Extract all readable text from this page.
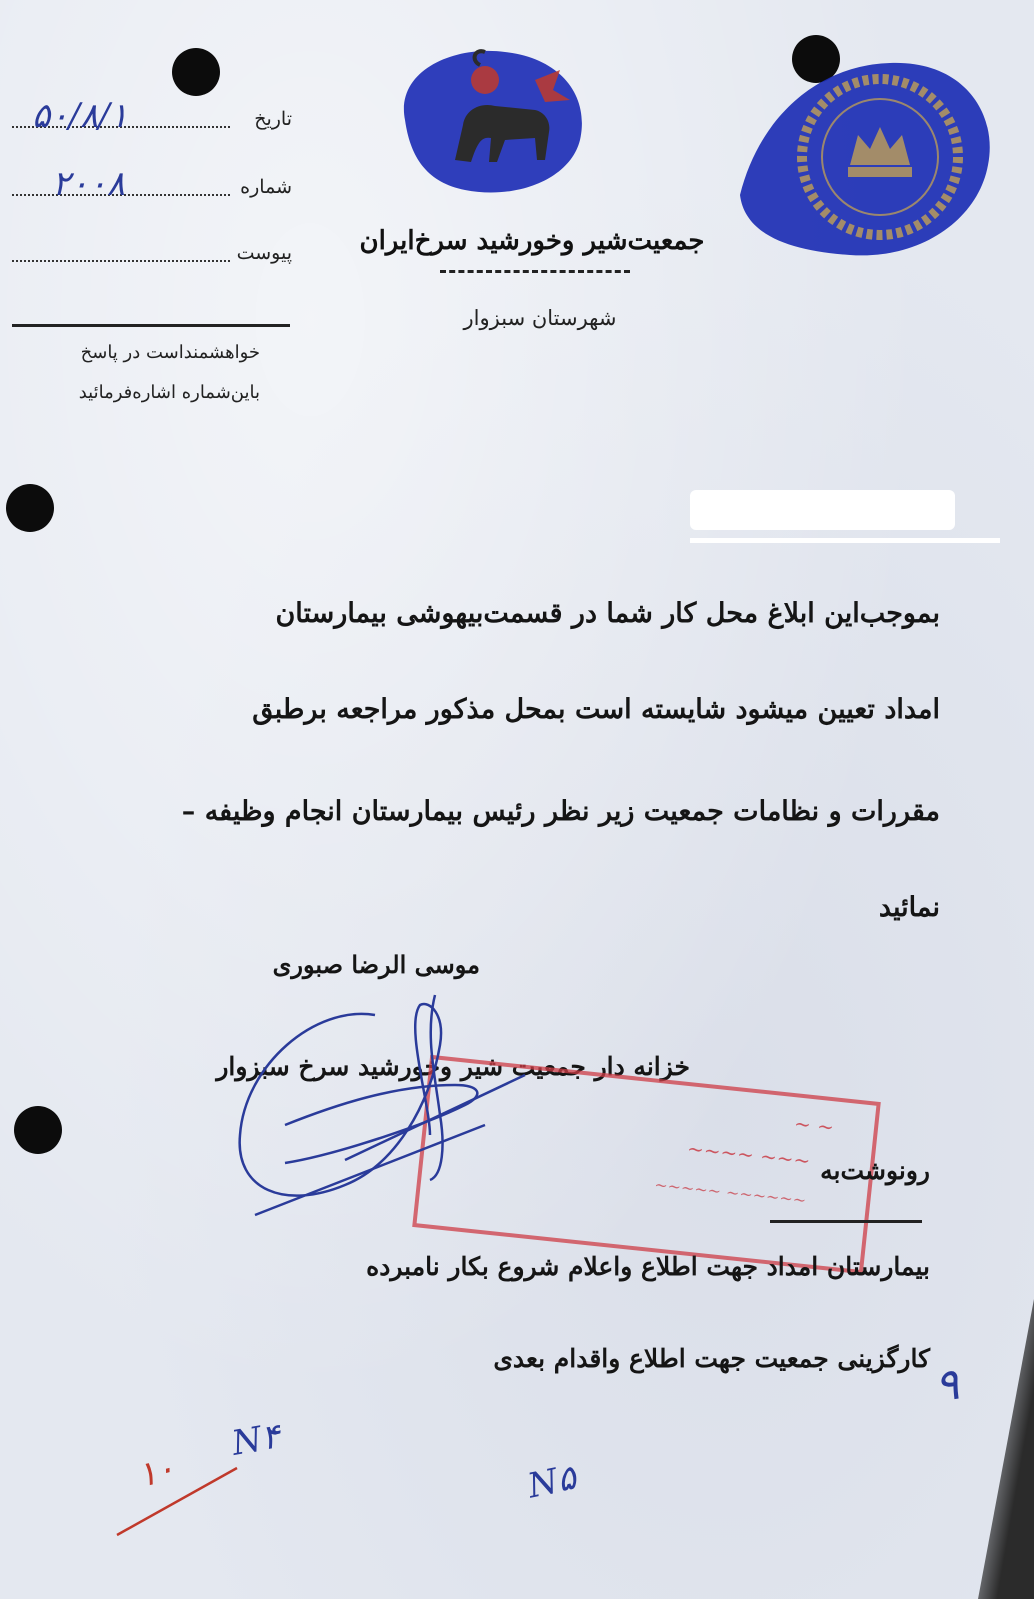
تاریخ
۵۰/۸/۱
شماره
۲۰۰۸
پیوست
خواهشمنداست در پاسخ
باین‌شماره اشاره‌فرمائید
جمعیت‌شیر وخورشید سرخ‌ایران
شهرستان سبزوار
بموجب‌این ابلاغ محل کار شما در قسمت‌بیهوشی بیمارستان
امداد تعیین میشود شایسته است بمحل مذکور مراجعه برطبق
مقررات و نظامات جمعیت زیر نظر رئیس بیمارستان انجام وظیفه –
نمائید
موسی الرضا صبوری
خزانه دار جمعیت شیر وخورشید سرخ سبزوار
~ ~
~~~~ ~~~
~~~~~ ~~~~~~
رونوشت‌به
بیمارستان امداد جهت اطلاع واعلام شروع بکار نامبرده
کارگزینی جمعیت جهت اطلاع واقدام بعدی
۱۰
N۴
N۵
۹
